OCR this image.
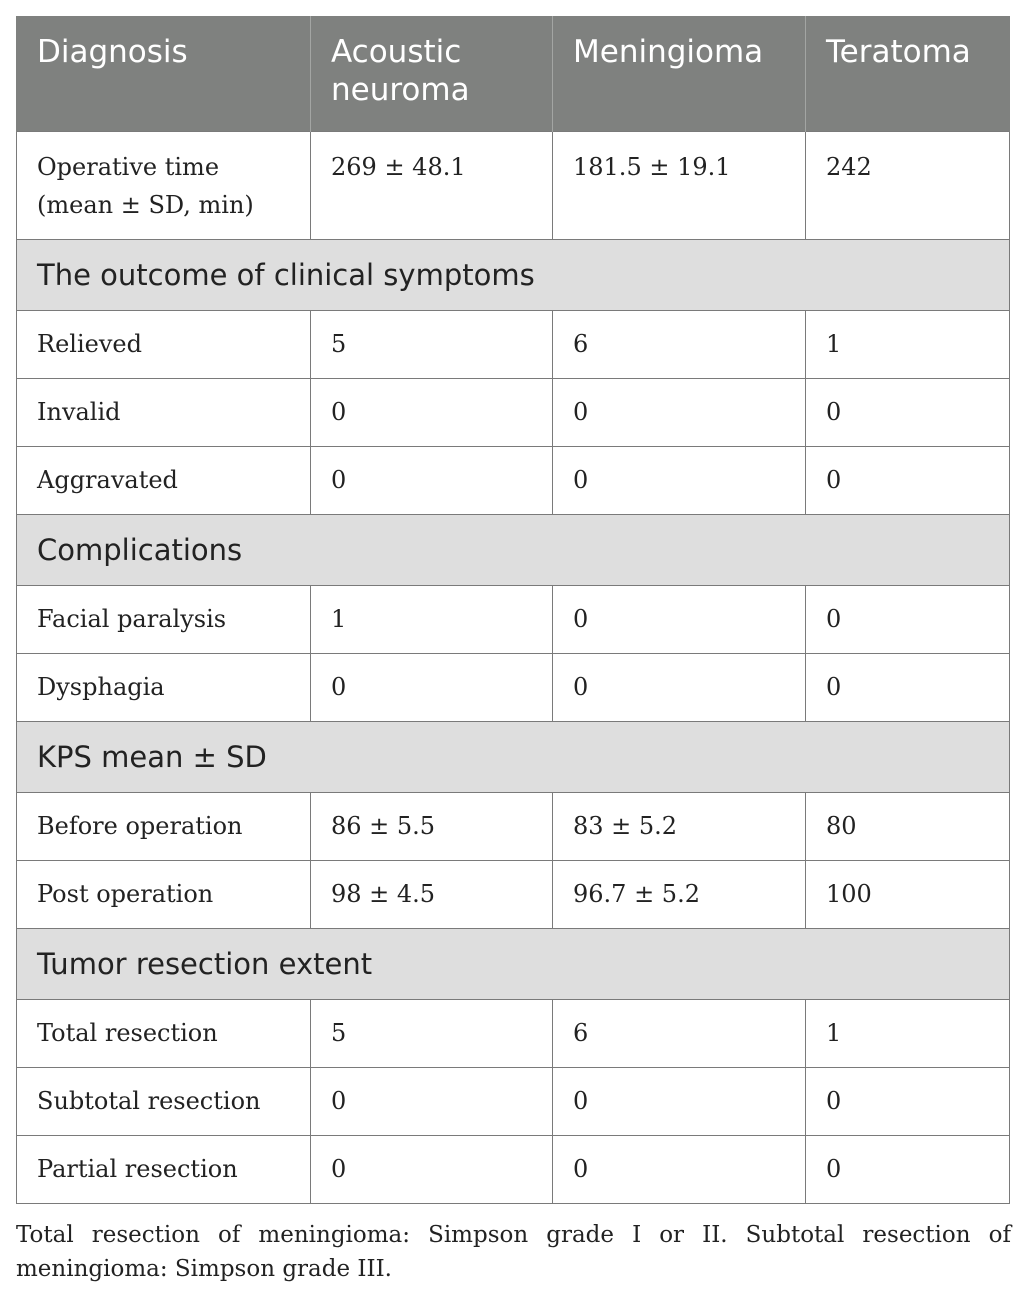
Diagnosis	Acoustic neuroma	Meningioma	Teratoma
Operative time (mean ± SD, min)	269 ± 48.1	181.5 ± 19.1	242
The outcome of clinical symptoms			
Relieved	5	6	1
Invalid	0	0	0
Aggravated	0	0	0
Complications			
Facial paralysis	1	0	0
Dysphagia	0	0	0
KPS mean ± SD			
Before operation	86 ± 5.5	83 ± 5.2	80
Post operation	98 ± 4.5	96.7 ± 5.2	100
Tumor resection extent			
Total resection	5	6	1
Subtotal resection	0	0	0
Partial resection	0	0	0
Total resection of meningioma: Simpson grade I or II. Subtotal resection of meningioma: Simpson grade III.
